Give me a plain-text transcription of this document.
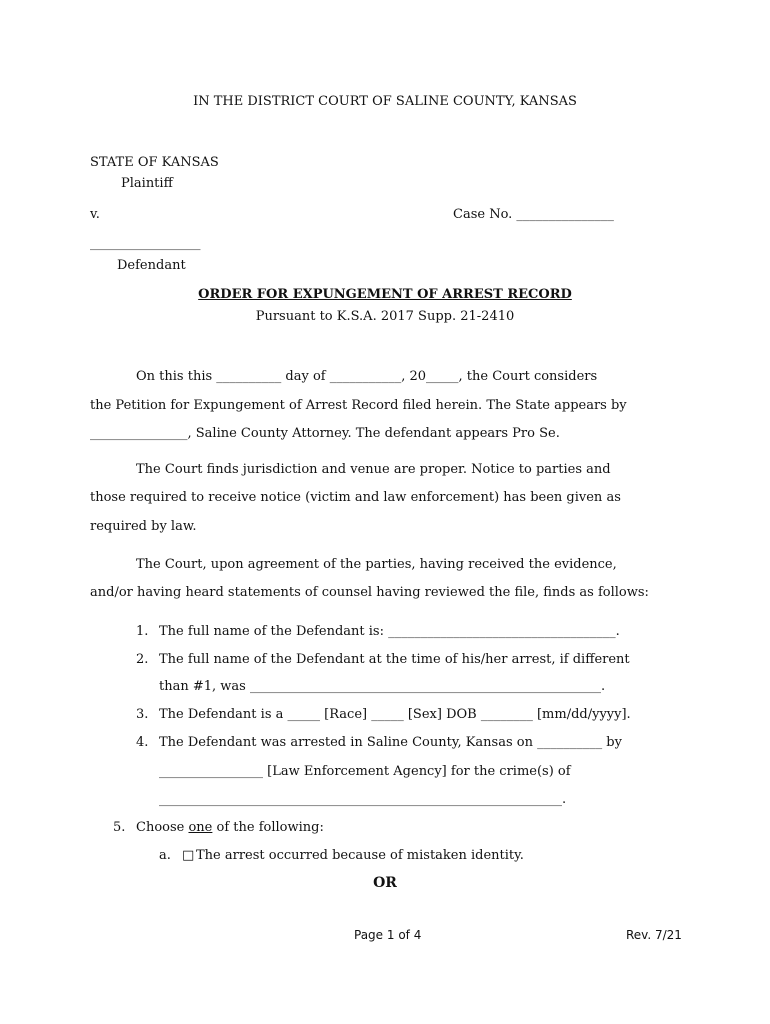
IN THE DISTRICT COURT OF SALINE COUNTY, KANSAS
STATE OF KANSAS
Plaintiff
v.	Case No. _______________
_________________
Defendant
ORDER FOR EXPUNGEMENT OF ARREST RECORD
Pursuant to K.S.A. 2017 Supp. 21-2410
On this this __________ day of ___________, 20_____, the Court considers
the Petition for Expungement of Arrest Record filed herein. The State appears by
_______________, Saline County Attorney. The defendant appears Pro Se.
The Court finds jurisdiction and venue are proper. Notice to parties and
those required to receive notice (victim and law enforcement) has been given as
required by law.
The Court, upon agreement of the parties, having received the evidence,
and/or having heard statements of counsel having reviewed the file, finds as follows:
1. The full name of the Defendant is: ___________________________________.
2. The full name of the Defendant at the time of his/her arrest, if different
than #1, was ______________________________________________________.
3. The Defendant is a _____ [Race] _____ [Sex] DOB ________ [mm/dd/yyyy].
4. The Defendant was arrested in Saline County, Kansas on __________ by
________________ [Law Enforcement Agency] for the crime(s) of
______________________________________________________________.
5. Choose one of the following:
a. □ The arrest occurred because of mistaken identity.
OR
Page 1 of 4	Rev. 7/21
